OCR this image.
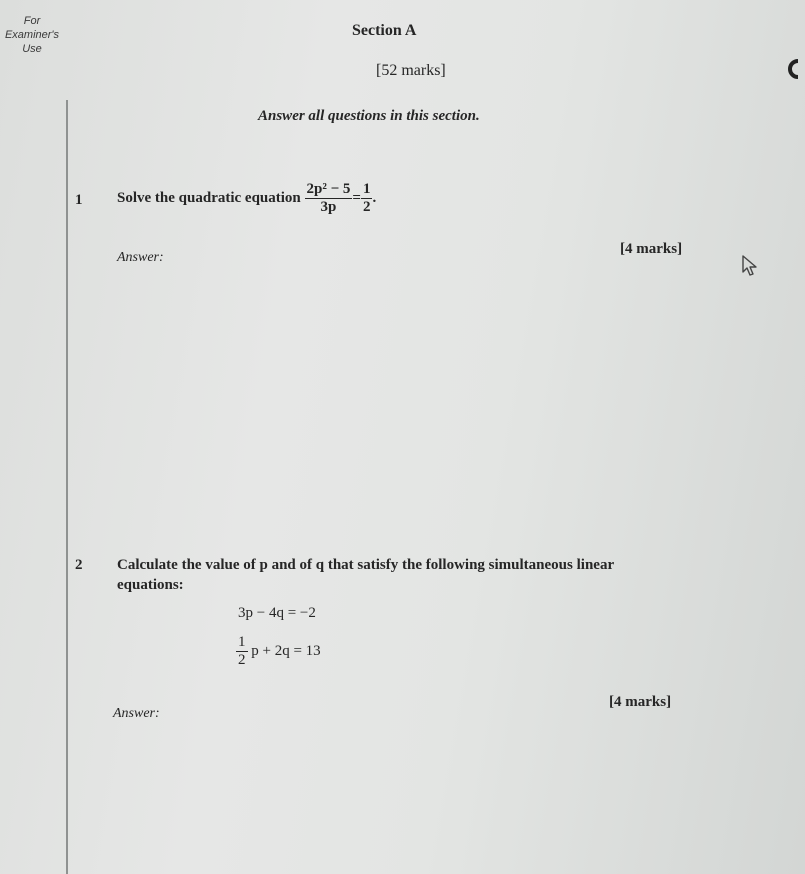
For
Examiner's
Use
Section A
[52 marks]
Answer all questions in this section.
1 Solve the quadratic equation $\frac{\text{2p² − 5}}{3p} = \frac{1}{2}$ .
Answer:
[4 marks]
2 Calculate the value of p and of q that satisfy the following simultaneous linear
equations:
3p − 4q = −2
$\frac{1}{2}$ p + 2q = 13
Answer:
[4 marks]
